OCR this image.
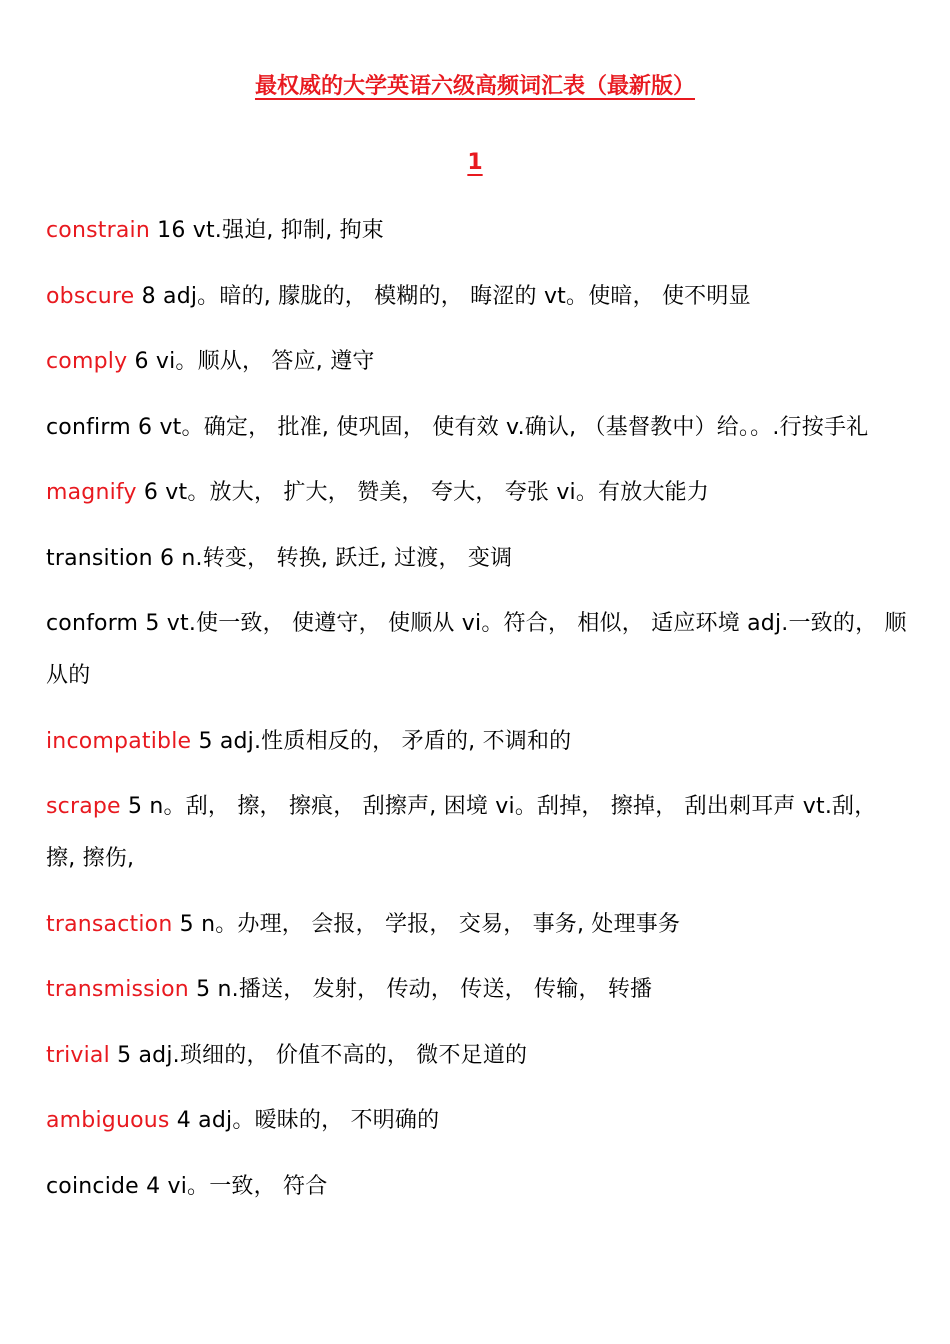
最权威的大学英语六级高频词汇表（最新版）
1

constrain 16 vt.强迫, 抑制, 拘束

obscure 8 adj。暗的, 朦胧的， 模糊的， 晦涩的 vt。使暗， 使不明显

comply 6 vi。顺从， 答应, 遵守

confirm 6 vt。确定， 批准, 使巩固， 使有效 v.确认, （基督教中）给。。.行按手礼

magnify 6 vt。放大， 扩大， 赞美， 夸大， 夸张 vi。有放大能力

transition 6 n.转变， 转换, 跃迁, 过渡， 变调

conform 5 vt.使一致， 使遵守， 使顺从 vi。符合， 相似， 适应环境 adj.一致的， 顺从的

incompatible 5 adj.性质相反的， 矛盾的, 不调和的

scrape 5 n。刮， 擦， 擦痕， 刮擦声, 困境 vi。刮掉， 擦掉， 刮出刺耳声 vt.刮， 擦, 擦伤,

transaction 5 n。办理， 会报， 学报， 交易， 事务, 处理事务

transmission 5 n.播送， 发射， 传动， 传送， 传输， 转播

trivial 5 adj.琐细的， 价值不高的， 微不足道的

ambiguous 4 adj。暧昧的， 不明确的

coincide 4 vi。一致， 符合
